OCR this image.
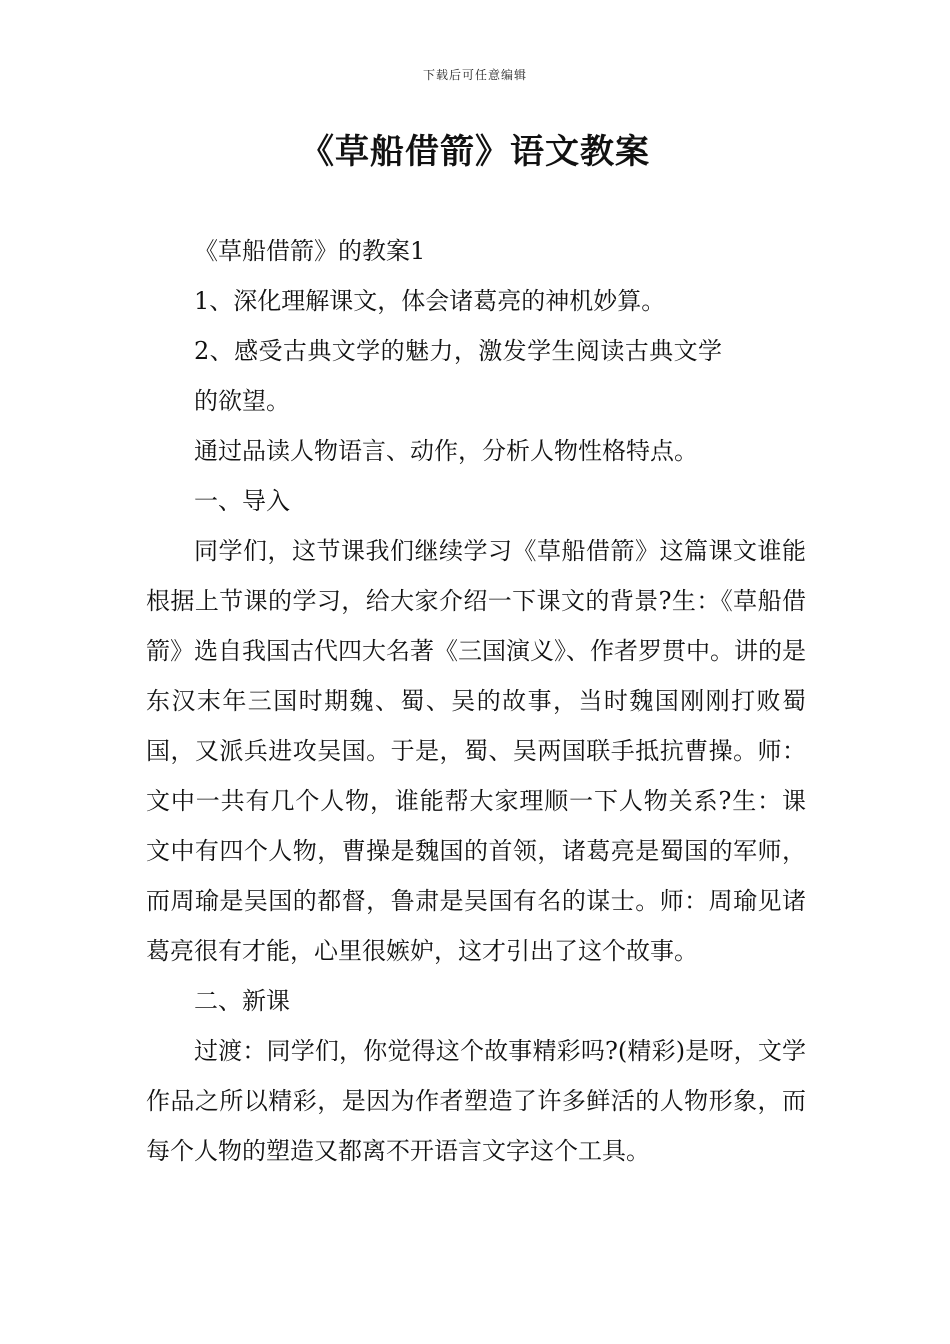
下载后可任意编辑
《草船借箭》语文教案

《草船借箭》的教案1

1、深化理解课文，体会诸葛亮的神机妙算。

2、感受古典文学的魅力，激发学生阅读古典文学的欲望。

通过品读人物语言、动作，分析人物性格特点。

一、导入

同学们，这节课我们继续学习《草船借箭》这篇课文谁能根据上节课的学习，给大家介绍一下课文的背景?生：《草船借箭》选自我国古代四大名著《三国演义》、作者罗贯中。讲的是东汉末年三国时期魏、蜀、吴的故事，当时魏国刚刚打败蜀国，又派兵进攻吴国。于是，蜀、吴两国联手抵抗曹操。师：文中一共有几个人物，谁能帮大家理顺一下人物关系?生：课文中有四个人物，曹操是魏国的首领，诸葛亮是蜀国的军师，而周瑜是吴国的都督，鲁肃是吴国有名的谋士。师：周瑜见诸葛亮很有才能，心里很嫉妒，这才引出了这个故事。

二、新课

过渡：同学们，你觉得这个故事精彩吗?(精彩)是呀，文学作品之所以精彩，是因为作者塑造了许多鲜活的人物形象，而每个人物的塑造又都离不开语言文字这个工具。
